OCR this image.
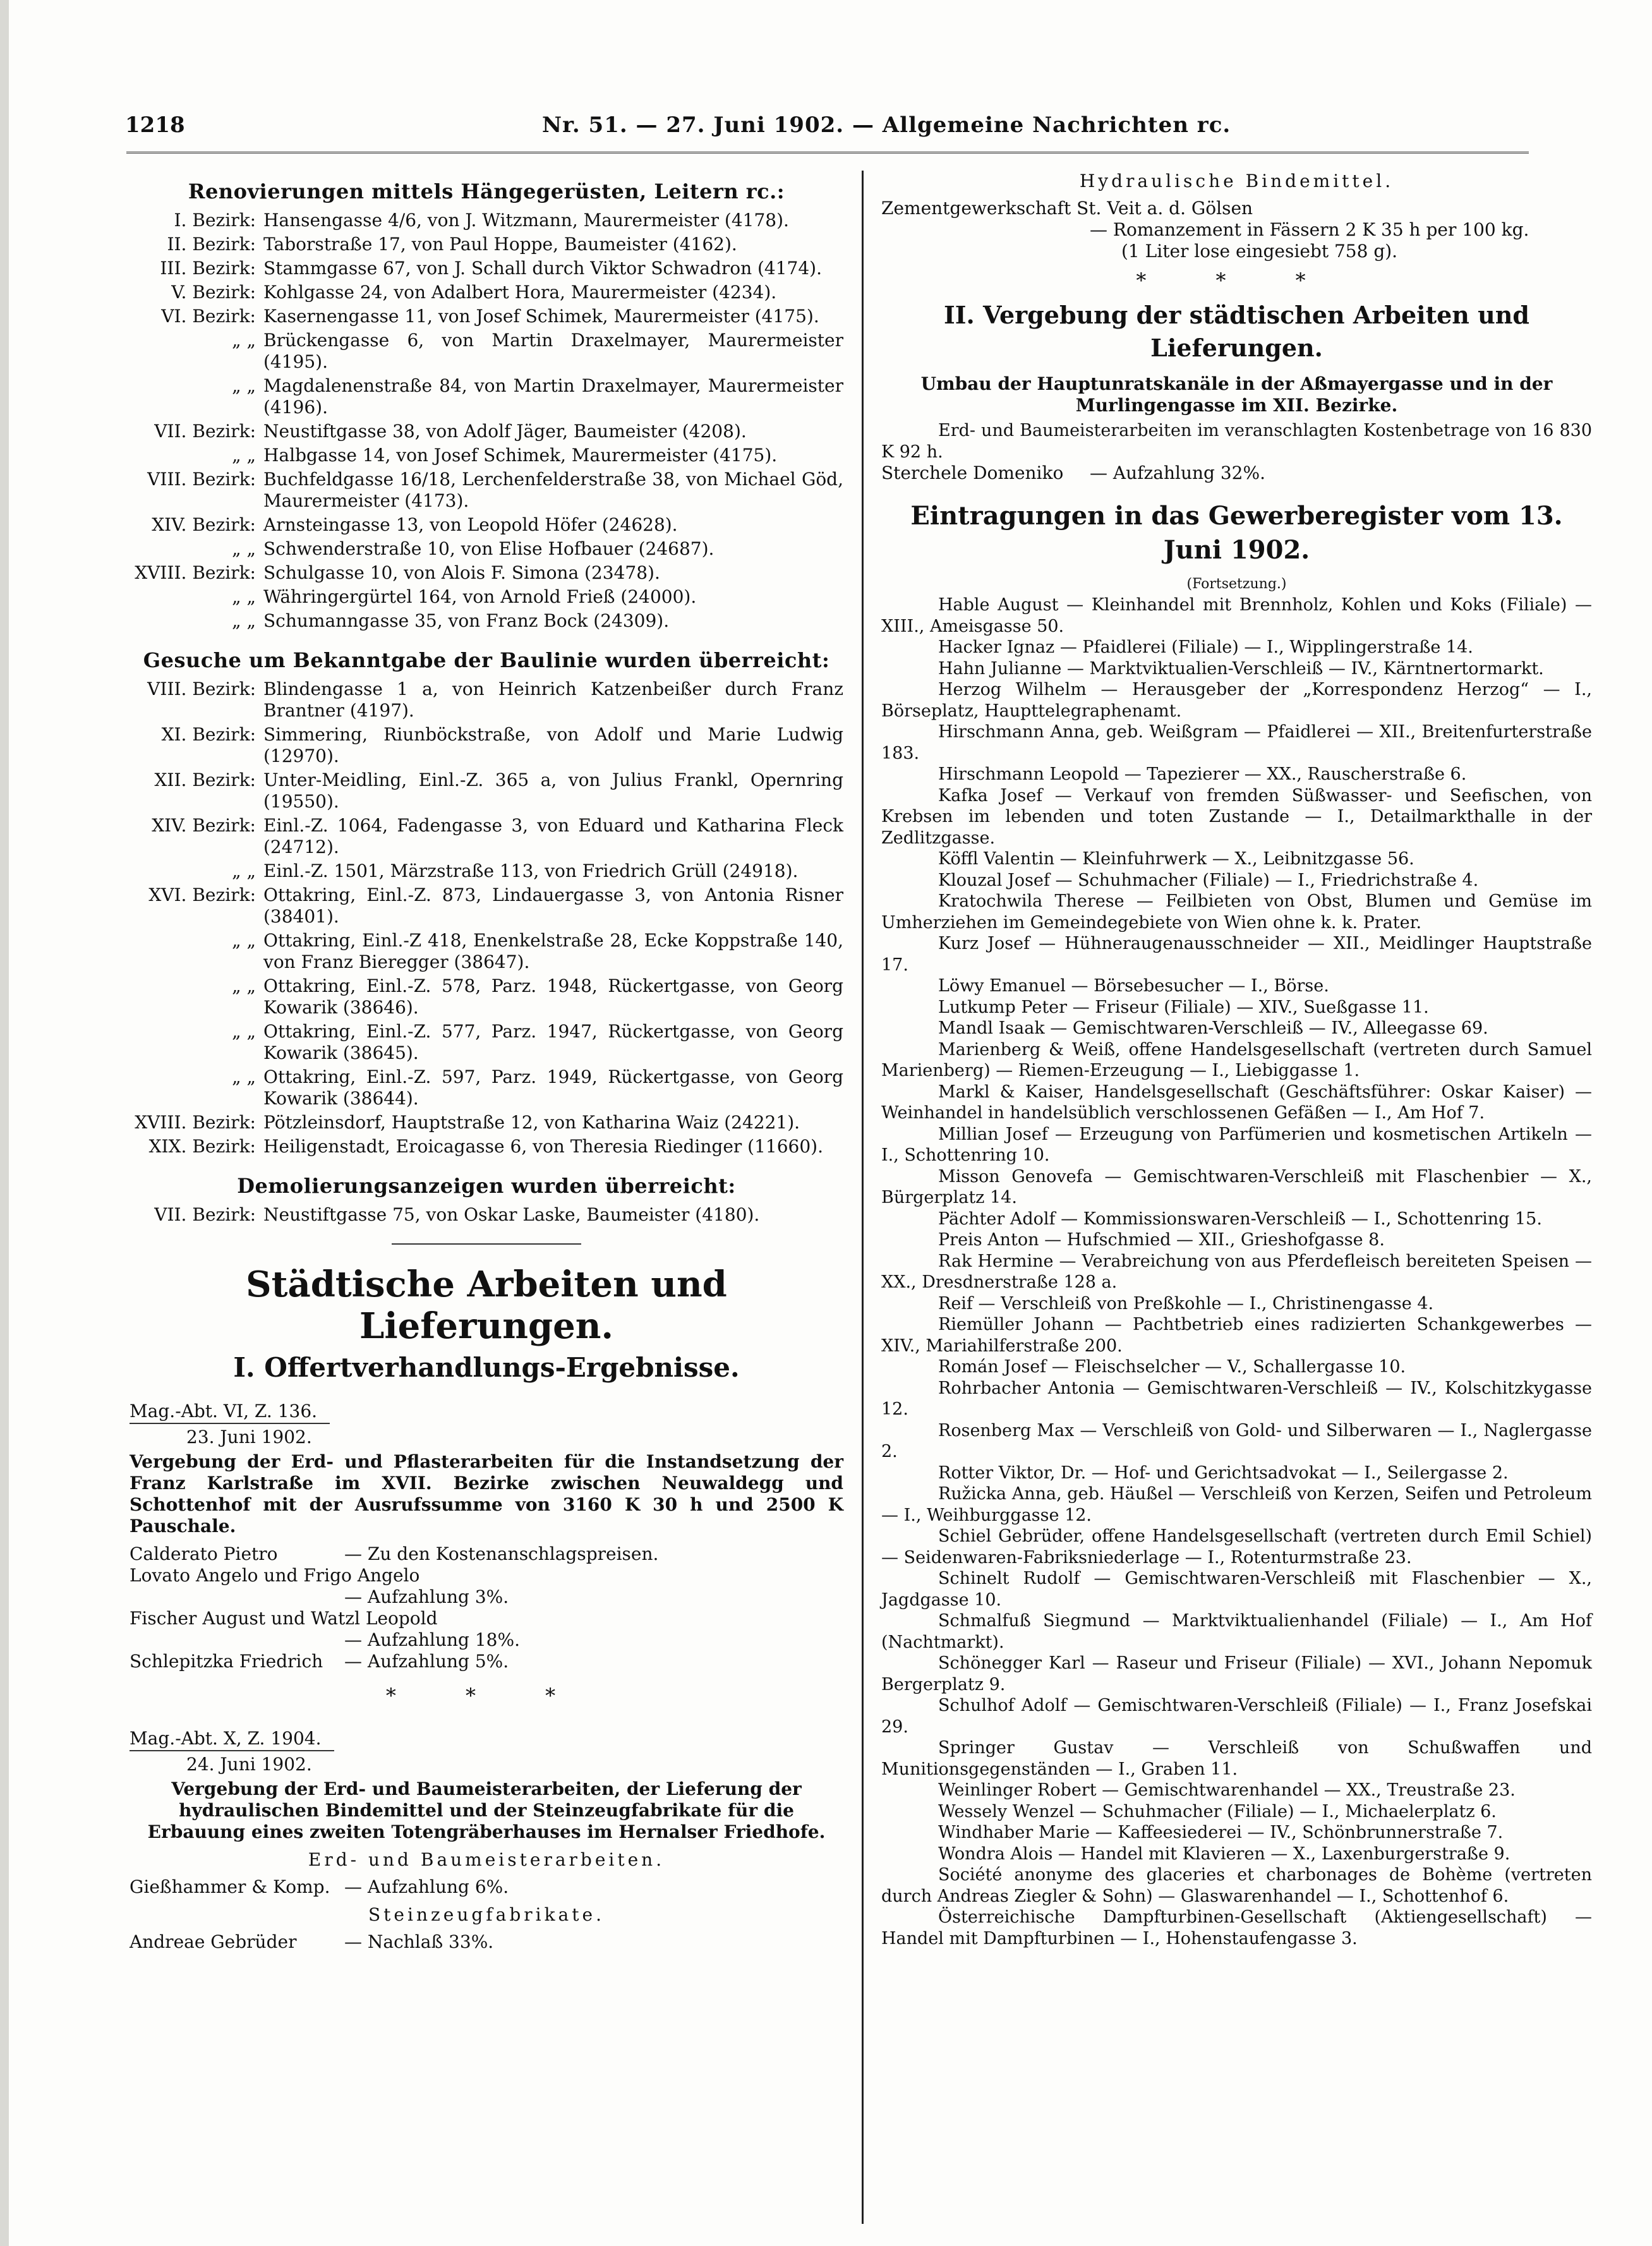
1218	Nr. 51. — 27. Juni 1902. — Allgemeine Nachrichten rc.
Renovierungen mittels Hängegerüsten, Leitern rc.:
I. Bezirk: Hansengasse 4/6, von J. Witzmann, Maurermeister (4178).
II. Bezirk: Taborstraße 17, von Paul Hoppe, Baumeister (4162).
III. Bezirk: Stammgasse 67, von J. Schall durch Viktor Schwadron (4174).
V. Bezirk: Kohlgasse 24, von Adalbert Hora, Maurermeister (4234).
VI. Bezirk: Kasernengasse 11, von Josef Schimek, Maurermeister (4175).
„ „ Brückengasse 6, von Martin Draxelmayer, Maurermeister (4195).
„ „ Magdalenenstraße 84, von Martin Draxelmayer, Maurermeister (4196).
VII. Bezirk: Neustiftgasse 38, von Adolf Jäger, Baumeister (4208).
„ „ Halbgasse 14, von Josef Schimek, Maurermeister (4175).
VIII. Bezirk: Buchfeldgasse 16/18, Lerchenfelderstraße 38, von Michael Göd, Maurermeister (4173).
XIV. Bezirk: Arnsteingasse 13, von Leopold Höfer (24628).
„ „ Schwenderstraße 10, von Elise Hofbauer (24687).
XVIII. Bezirk: Schulgasse 10, von Alois F. Simona (23478).
„ „ Währingergürtel 164, von Arnold Frieß (24000).
„ „ Schumanngasse 35, von Franz Bock (24309).
Gesuche um Bekanntgabe der Baulinie wurden überreicht:
VIII. Bezirk: Blindengasse 1 a, von Heinrich Katzenbeißer durch Franz Brantner (4197).
XI. Bezirk: Simmering, Riunböckstraße, von Adolf und Marie Ludwig (12970).
XII. Bezirk: Unter-Meidling, Einl.-Z. 365 a, von Julius Frankl, Opernring (19550).
XIV. Bezirk: Einl.-Z. 1064, Fadengasse 3, von Eduard und Katharina Fleck (24712).
„ „ Einl.-Z. 1501, Märzstraße 113, von Friedrich Grüll (24918).
XVI. Bezirk: Ottakring, Einl.-Z. 873, Lindauergasse 3, von Antonia Risner (38401).
„ „ Ottakring, Einl.-Z 418, Enenkelstraße 28, Ecke Koppstraße 140, von Franz Bieregger (38647).
„ „ Ottakring, Einl.-Z. 578, Parz. 1948, Rückertgasse, von Georg Kowarik (38646).
„ „ Ottakring, Einl.-Z. 577, Parz. 1947, Rückertgasse, von Georg Kowarik (38645).
„ „ Ottakring, Einl.-Z. 597, Parz. 1949, Rückertgasse, von Georg Kowarik (38644).
XVIII. Bezirk: Pötzleinsdorf, Hauptstraße 12, von Katharina Waiz (24221).
XIX. Bezirk: Heiligenstadt, Eroicagasse 6, von Theresia Riedinger (11660).
Demolierungsanzeigen wurden überreicht:
VII. Bezirk: Neustiftgasse 75, von Oskar Laske, Baumeister (4180).
Städtische Arbeiten und Lieferungen.
I. Offertverhandlungs-Ergebnisse.
Mag.-Abt. VI, Z. 136.
23. Juni 1902.
Vergebung der Erd- und Pflasterarbeiten für die Instandsetzung der Franz Karlstraße im XVII. Bezirke zwischen Neuwaldegg und Schottenhof mit der Ausrufssumme von 3160 K 30 h und 2500 K Pauschale.
Calderato Pietro	— Zu den Kostenanschlagspreisen.
Lovato Angelo und Frigo Angelo
— Aufzahlung 3%.
Fischer August und Watzl Leopold
— Aufzahlung 18%.
Schlepitzka Friedrich	— Aufzahlung 5%.
* * *
Mag.-Abt. X, Z. 1904.
24. Juni 1902.
Vergebung der Erd- und Baumeisterarbeiten, der Lieferung der hydraulischen Bindemittel und der Steinzeugfabrikate für die Erbauung eines zweiten Totengräberhauses im Hernalser Friedhofe.
Erd- und Baumeisterarbeiten.
Gießhammer & Komp. — Aufzahlung 6%.
Steinzeugfabrikate.
Andreae Gebrüder	— Nachlaß 33%.
Hydraulische Bindemittel.

Zementgewerkschaft St. Veit a. d. Gölsen

— Romanzement in Fässern 2 K 35 h per 100 kg.

(1 Liter lose eingesiebt 758 g).

* * *
II. Vergebung der städtischen Arbeiten und Lieferungen.
Umbau der Hauptunratskanäle in der Aßmayergasse und in der Murlingengasse im XII. Bezirke.

Erd- und Baumeisterarbeiten im veranschlagten Kostenbetrage von 16 830 K 92 h.

Sterchele Domeniko	— Aufzahlung 32%.
Eintragungen in das Gewerberegister vom 13. Juni 1902.
(Fortsetzung.)

Hable August — Kleinhandel mit Brennholz, Kohlen und Koks (Filiale) — XIII., Ameisgasse 50.

Hacker Ignaz — Pfaidlerei (Filiale) — I., Wipplingerstraße 14.

Hahn Julianne — Marktviktualien-Verschleiß — IV., Kärntnertormarkt.

Herzog Wilhelm — Herausgeber der „Korrespondenz Herzog“ — I., Börseplatz, Haupttelegraphenamt.

Hirschmann Anna, geb. Weißgram — Pfaidlerei — XII., Breitenfurterstraße 183.

Hirschmann Leopold — Tapezierer — XX., Rauscherstraße 6.

Kafka Josef — Verkauf von fremden Süßwasser- und Seefischen, von Krebsen im lebenden und toten Zustande — I., Detailmarkthalle in der Zedlitzgasse.

Köffl Valentin — Kleinfuhrwerk — X., Leibnitzgasse 56.

Klouzal Josef — Schuhmacher (Filiale) — I., Friedrichstraße 4.

Kratochwila Therese — Feilbieten von Obst, Blumen und Gemüse im Umherziehen im Gemeindegebiete von Wien ohne k. k. Prater.

Kurz Josef — Hühneraugenausschneider — XII., Meidlinger Hauptstraße 17.

Löwy Emanuel — Börsebesucher — I., Börse.

Lutkump Peter — Friseur (Filiale) — XIV., Sueßgasse 11.

Mandl Isaak — Gemischtwaren-Verschleiß — IV., Alleegasse 69.

Marienberg & Weiß, offene Handelsgesellschaft (vertreten durch Samuel Marienberg) — Riemen-Erzeugung — I., Liebiggasse 1.

Markl & Kaiser, Handelsgesellschaft (Geschäftsführer: Oskar Kaiser) — Weinhandel in handelsüblich verschlossenen Gefäßen — I., Am Hof 7.

Millian Josef — Erzeugung von Parfümerien und kosmetischen Artikeln — I., Schottenring 10.

Misson Genovefa — Gemischtwaren-Verschleiß mit Flaschenbier — X., Bürgerplatz 14.

Pächter Adolf — Kommissionswaren-Verschleiß — I., Schottenring 15.

Preis Anton — Hufschmied — XII., Grieshofgasse 8.

Rak Hermine — Verabreichung von aus Pferdefleisch bereiteten Speisen — XX., Dresdnerstraße 128 a.

Reif — Verschleiß von Preßkohle — I., Christinengasse 4.

Riemüller Johann — Pachtbetrieb eines radizierten Schankgewerbes — XIV., Mariahilferstraße 200.

Román Josef — Fleischselcher — V., Schallergasse 10.

Rohrbacher Antonia — Gemischtwaren-Verschleiß — IV., Kolschitzkygasse 12.

Rosenberg Max — Verschleiß von Gold- und Silberwaren — I., Naglergasse 2.

Rotter Viktor, Dr. — Hof- und Gerichtsadvokat — I., Seilergasse 2.

Ružicka Anna, geb. Häußel — Verschleiß von Kerzen, Seifen und Petroleum — I., Weihburggasse 12.

Schiel Gebrüder, offene Handelsgesellschaft (vertreten durch Emil Schiel) — Seidenwaren-Fabriksniederlage — I., Rotenturmstraße 23.

Schinelt Rudolf — Gemischtwaren-Verschleiß mit Flaschenbier — X., Jagdgasse 10.

Schmalfuß Siegmund — Marktviktualienhandel (Filiale) — I., Am Hof (Nachtmarkt).

Schönegger Karl — Raseur und Friseur (Filiale) — XVI., Johann Nepomuk Bergerplatz 9.

Schulhof Adolf — Gemischtwaren-Verschleiß (Filiale) — I., Franz Josefskai 29.

Springer Gustav — Verschleiß von Schußwaffen und Munitionsgegenständen — I., Graben 11.

Weinlinger Robert — Gemischtwarenhandel — XX., Treustraße 23.

Wessely Wenzel — Schuhmacher (Filiale) — I., Michaelerplatz 6.

Windhaber Marie — Kaffeesiederei — IV., Schönbrunnerstraße 7.

Wondra Alois — Handel mit Klavieren — X., Laxenburgerstraße 9.

Société anonyme des glaceries et charbonages de Bohème (vertreten durch Andreas Ziegler & Sohn) — Glaswarenhandel — I., Schottenhof 6.

Österreichische Dampfturbinen-Gesellschaft (Aktiengesellschaft) — Handel mit Dampfturbinen — I., Hohenstaufengasse 3.
